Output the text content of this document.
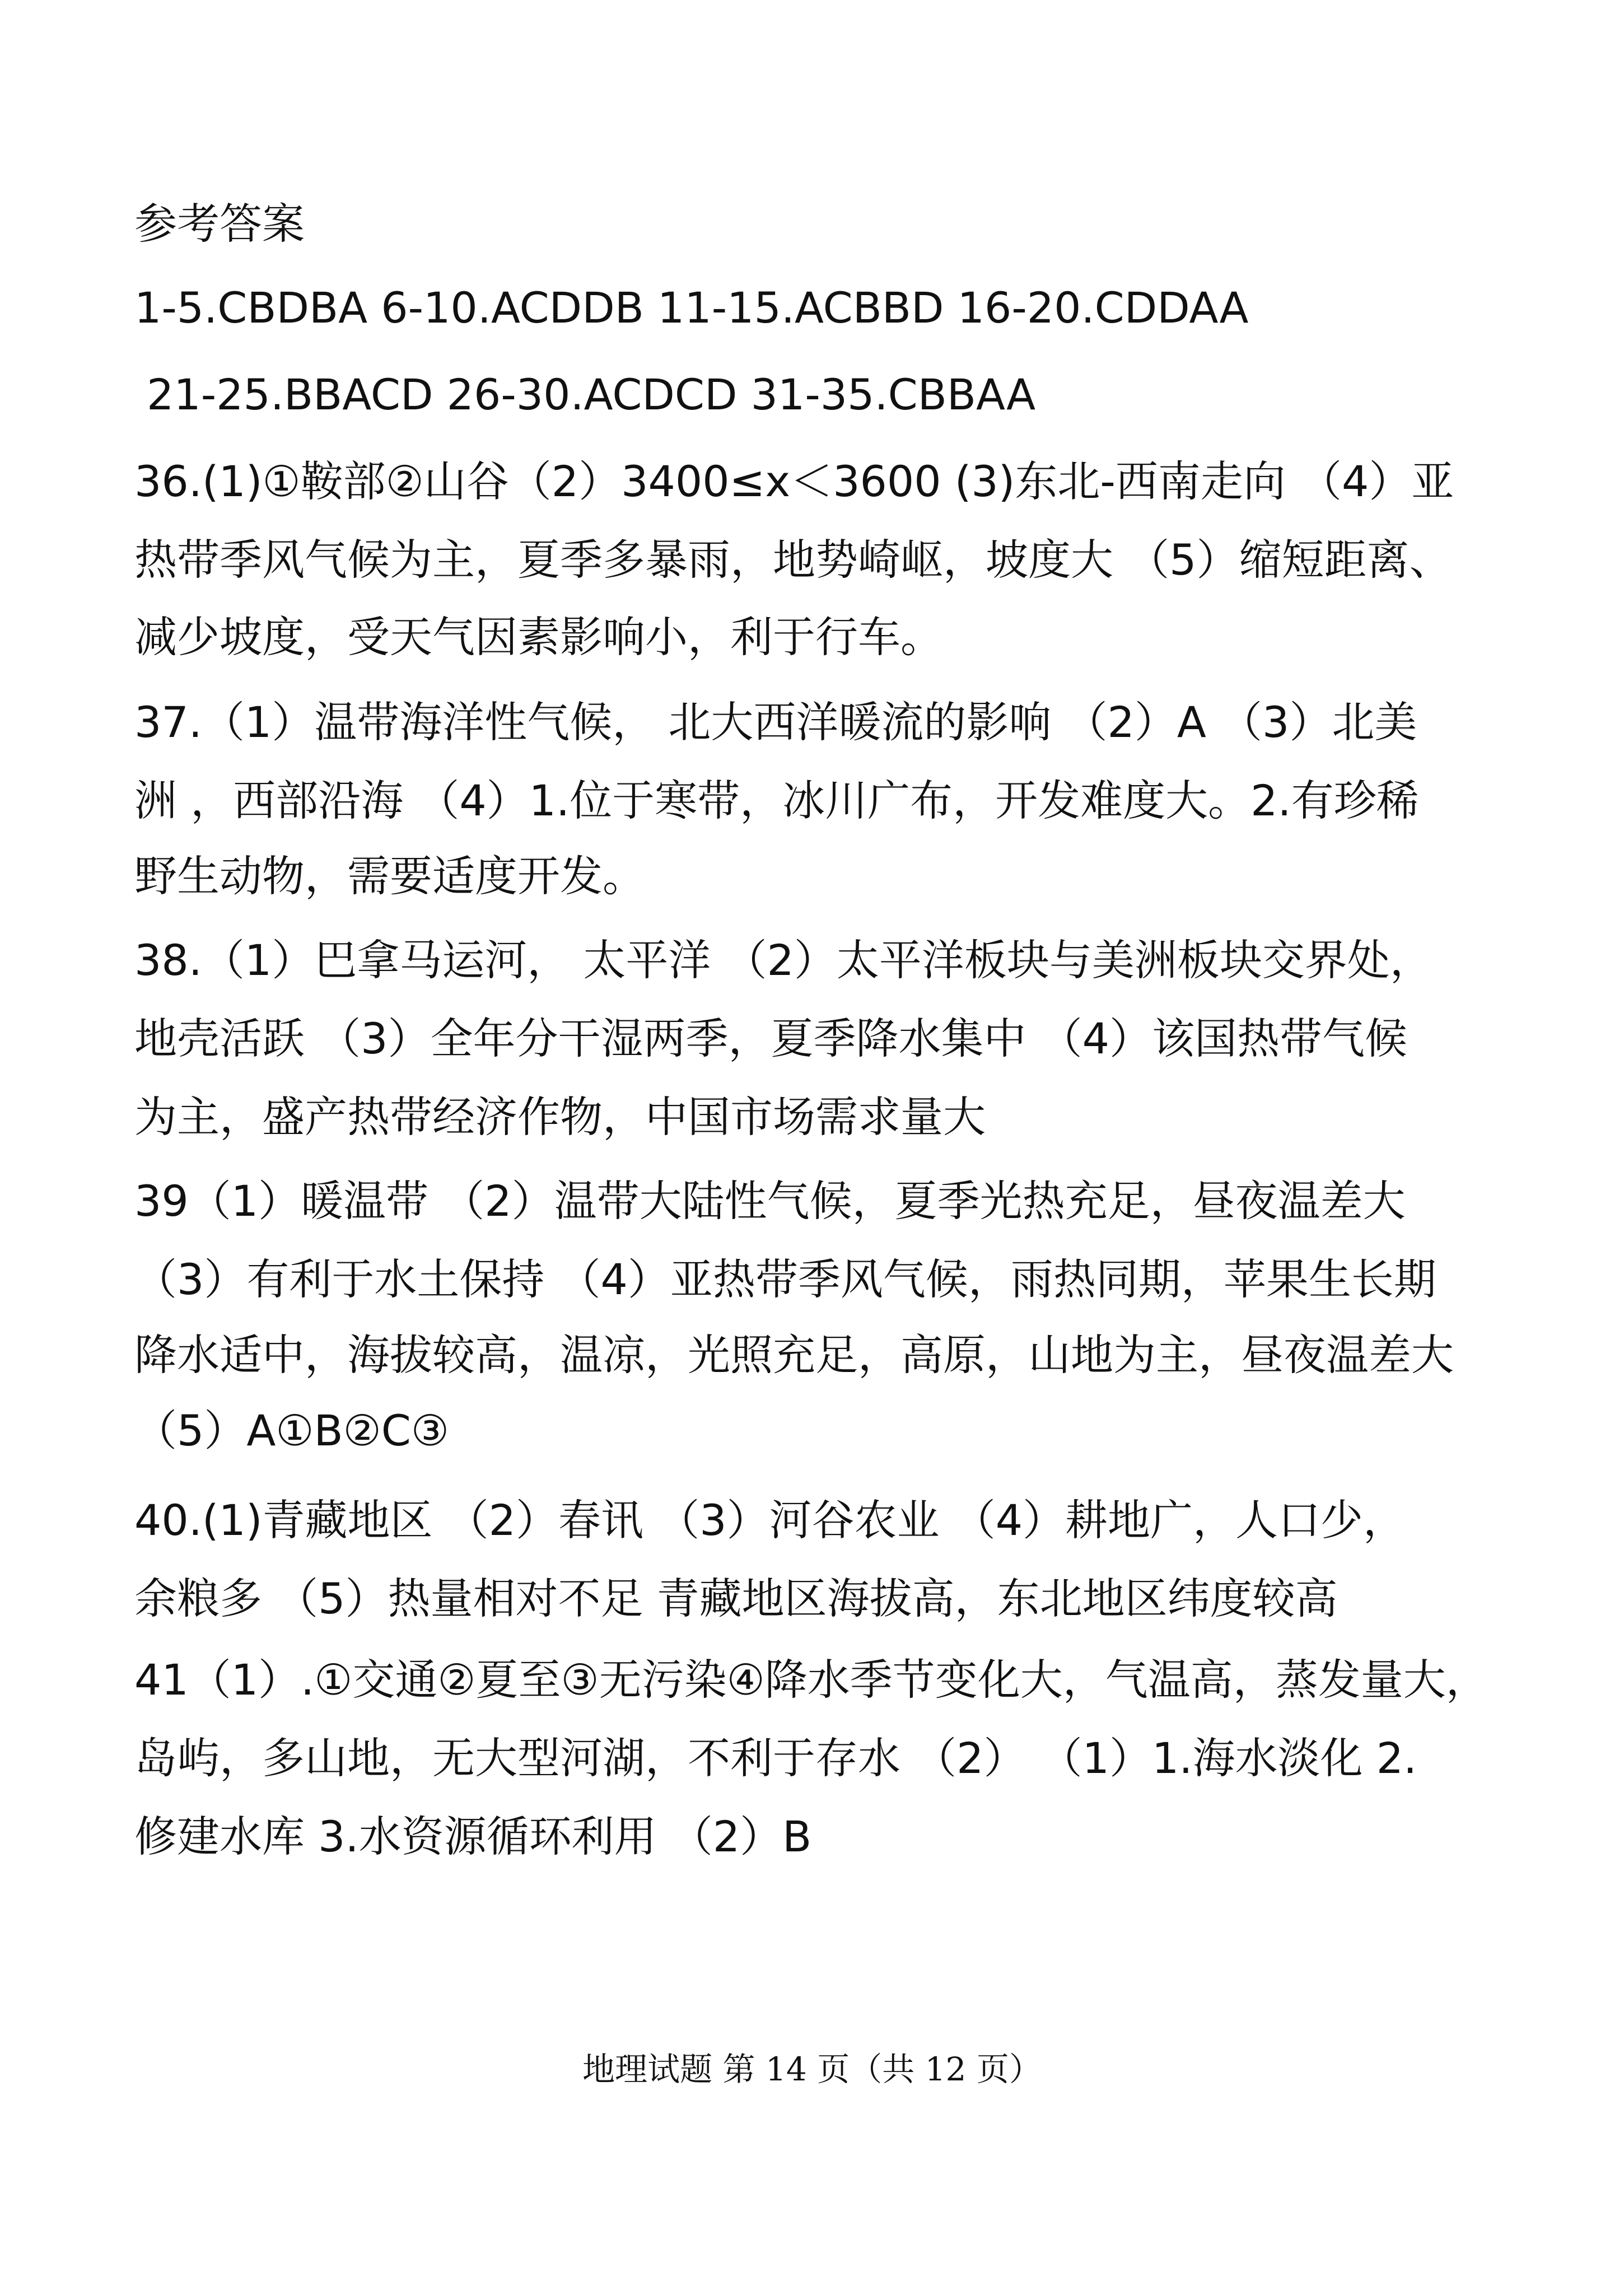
参考答案
1-5.CBDBA 6-10.ACDDB 11-15.ACBBD 16-20.CDDAA
21-25.BBACD 26-30.ACDCD 31-35.CBBAA
36.(1)①鞍部②山谷（2）3400≤x＜3600 (3)东北-西南走向 （4）亚
热带季风气候为主，夏季多暴雨，地势崎岖，坡度大 （5）缩短距离、
减少坡度，受天气因素影响小，利于行车。
37.（1）温带海洋性气候， 北大西洋暖流的影响 （2）A （3）北美
洲 ，西部沿海 （4）1.位于寒带，冰川广布，开发难度大。2.有珍稀
野生动物，需要适度开发。
38.（1）巴拿马运河， 太平洋 （2）太平洋板块与美洲板块交界处，
地壳活跃 （3）全年分干湿两季，夏季降水集中 （4）该国热带气候
为主，盛产热带经济作物，中国市场需求量大
39（1）暖温带 （2）温带大陆性气候，夏季光热充足，昼夜温差大
（3）有利于水土保持 （4）亚热带季风气候，雨热同期，苹果生长期
降水适中，海拔较高，温凉，光照充足，高原，山地为主，昼夜温差大
（5）A①B②C③
40.(1)青藏地区 （2）春讯 （3）河谷农业 （4）耕地广，人口少，
余粮多 （5）热量相对不足 青藏地区海拔高，东北地区纬度较高
41（1）.①交通②夏至③无污染④降水季节变化大，气温高，蒸发量大，
岛屿，多山地，无大型河湖，不利于存水 （2） （1）1.海水淡化 2.
修建水库 3.水资源循环利用 （2）B
地理试题 第 14 页（共 12 页）
